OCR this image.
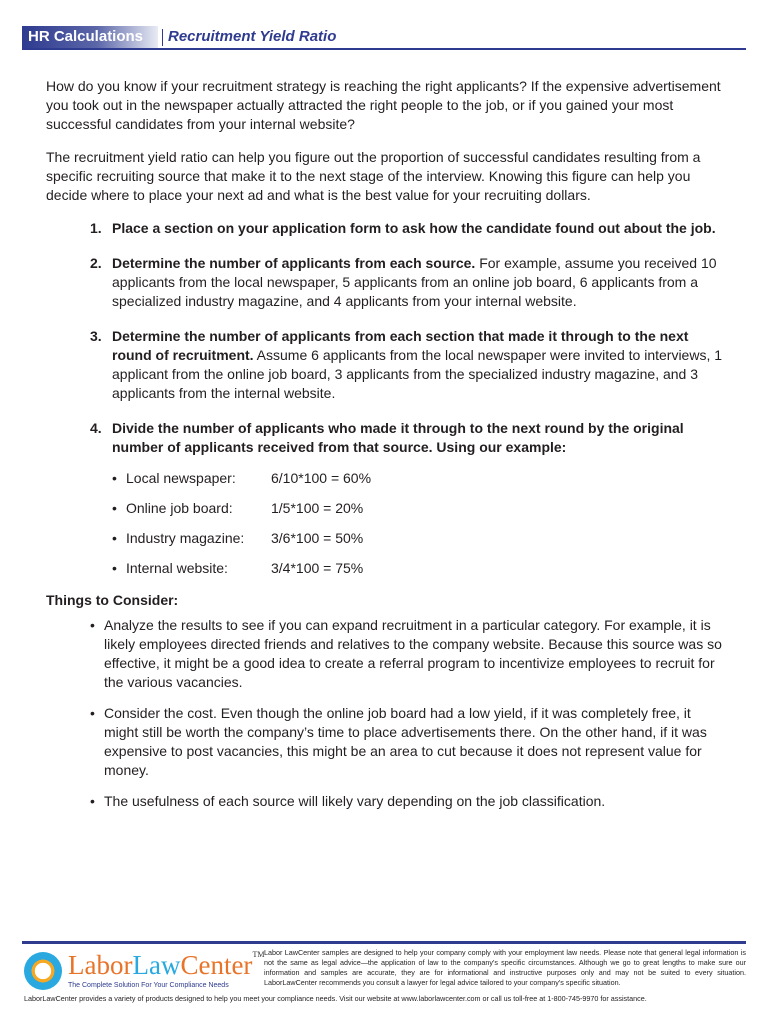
HR Calculations	Recruitment Yield Ratio

How do you know if your recruitment strategy is reaching the right applicants? If the expensive advertisement you took out in the newspaper actually attracted the right people to the job, or if you gained your most successful candidates from your internal website?

The recruitment yield ratio can help you figure out the proportion of successful candidates resulting from a specific recruiting source that make it to the next stage of the interview. Knowing this figure can help you decide where to place your next ad and what is the best value for your recruiting dollars.

1. Place a section on your application form to ask how the candidate found out about the job.
2. Determine the number of applicants from each source. For example, assume you received 10 applicants from the local newspaper, 5 applicants from an online job board, 6 applicants from a specialized industry magazine, and 4 applicants from your internal website.
3. Determine the number of applicants from each section that made it through to the next round of recruitment. Assume 6 applicants from the local newspaper were invited to interviews, 1 applicant from the online job board, 3 applicants from the specialized industry magazine, and 3 applicants from the internal website.
4. Divide the number of applicants who made it through to the next round by the original number of applicants received from that source. Using our example:
• Local newspaper:	6/10*100 = 60%
• Online job board:	1/5*100 = 20%
• Industry magazine: 3/6*100 = 50%
• Internal website:	3/4*100 = 75%
Things to Consider:
• Analyze the results to see if you can expand recruitment in a particular category. For example, it is likely employees directed friends and relatives to the company website. Because this source was so effective, it might be a good idea to create a referral program to incentivize employees to recruit for the various vacancies.
• Consider the cost. Even though the online job board had a low yield, if it was completely free, it might still be worth the company’s time to place advertisements there. On the other hand, if it was expensive to post vacancies, this might be an area to cut because it does not represent value for money.
• The usefulness of each source will likely vary depending on the job classification.
LaborLawCenter™
The Complete Solution For Your Compliance Needs
Labor LawCenter samples are designed to help your company comply with your employment law needs. Please note that general legal information is not the same as legal advice—the application of law to the company’s specific circumstances. Although we go to great lengths to make sure our information and samples are accurate, they are for informational and instructive purposes only and may not be suited to every situation. LaborLawCenter recommends you consult a lawyer for legal advice tailored to your company’s specific situation.
LaborLawCenter provides a variety of products designed to help you meet your compliance needs. Visit our website at www.laborlawcenter.com or call us toll-free at 1-800-745-9970 for assistance.
